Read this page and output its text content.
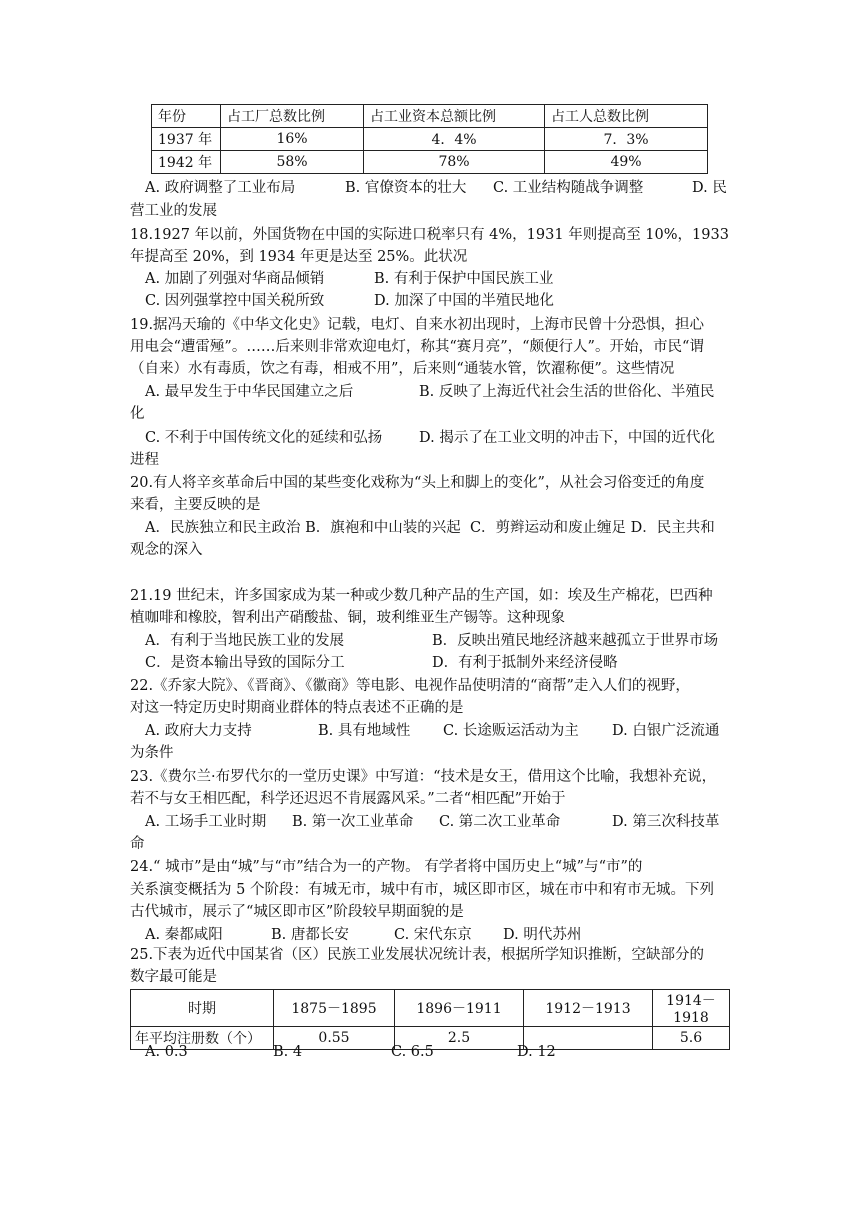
年份	占工厂总数比例	占工业资本总额比例	占工人总数比例
1937 年	16%	4．4%	7．3%
1942 年	58%	78%	49%
A. 政府调整了工业布局	B. 官僚资本的壮大 C. 工业结构随战争调整	D. 民
营工业的发展
18.1927 年以前，外国货物在中国的实际进口税率只有 4%，1931 年则提高至 10%，1933
年提高至 20%，到 1934 年更是达至 25%。此状况
A. 加剧了列强对华商品倾销	B. 有利于保护中国民族工业
C. 因列强掌控中国关税所致	D. 加深了中国的半殖民地化
19.据冯天瑜的《中华文化史》记载，电灯、自来水初出现时，上海市民曾十分恐惧，担心
用电会“遭雷殛”。……后来则非常欢迎电灯，称其“赛月亮”，“颇便行人”。开始，市民“谓
（自来）水有毒质，饮之有毒，相戒不用”，后来则“通装水管，饮濯称便”。这些情况
A. 最早发生于中华民国建立之后	B. 反映了上海近代社会生活的世俗化、半殖民
化
C. 不利于中国传统文化的延续和弘扬	D. 揭示了在工业文明的冲击下，中国的近代化
进程
20.有人将辛亥革命后中国的某些变化戏称为“头上和脚上的变化”，从社会习俗变迁的角度
来看，主要反映的是
A．民族独立和民主政治 B．旗袍和中山装的兴起  C．剪辫运动和废止缠足 D．民主共和
观念的深入
21.19 世纪末，许多国家成为某一种或少数几种产品的生产国，如：埃及生产棉花，巴西种
植咖啡和橡胶，智利出产硝酸盐、铜，玻利维亚生产锡等。这种现象
A．有利于当地民族工业的发展	B．反映出殖民地经济越来越孤立于世界市场
C．是资本输出导致的国际分工	D．有利于抵制外来经济侵略
22.《乔家大院》、《晋商》、《徽商》等电影、电视作品使明清的“商帮”走入人们的视野，
对这一特定历史时期商业群体的特点表述不正确的是
A. 政府大力支持	B. 具有地域性 C. 长途贩运活动为主 D. 白银广泛流通
为条件
23.《费尔兰·布罗代尔的一堂历史课》中写道：“技术是女王，借用这个比喻，我想补充说，
若不与女王相匹配，科学还迟迟不肯展露风采。”二者“相匹配”开始于
A. 工场手工业时期 B. 第一次工业革命 C. 第二次工业革命	D. 第三次科技革
命
24.“ 城市”是由“城”与“市”结合为一的产物。 有学者将中国历史上“城”与“市”的
关系演变概括为 5 个阶段：有城无市，城中有市，城区即市区，城在市中和宥市无城。下列
古代城市，展示了“城区即市区”阶段较早期面貌的是
A. 秦都咸阳	B. 唐都长安	C. 宋代东京 D. 明代苏州
25.下表为近代中国某省（区）民族工业发展状况统计表，根据所学知识推断，空缺部分的
数字最可能是
时期	1875－1895	1896－1911	1912－1913	1914－1918
年平均注册数（个）	0.55	2.5		5.6
A. 0.3	B. 4	C. 6.5	D. 12
